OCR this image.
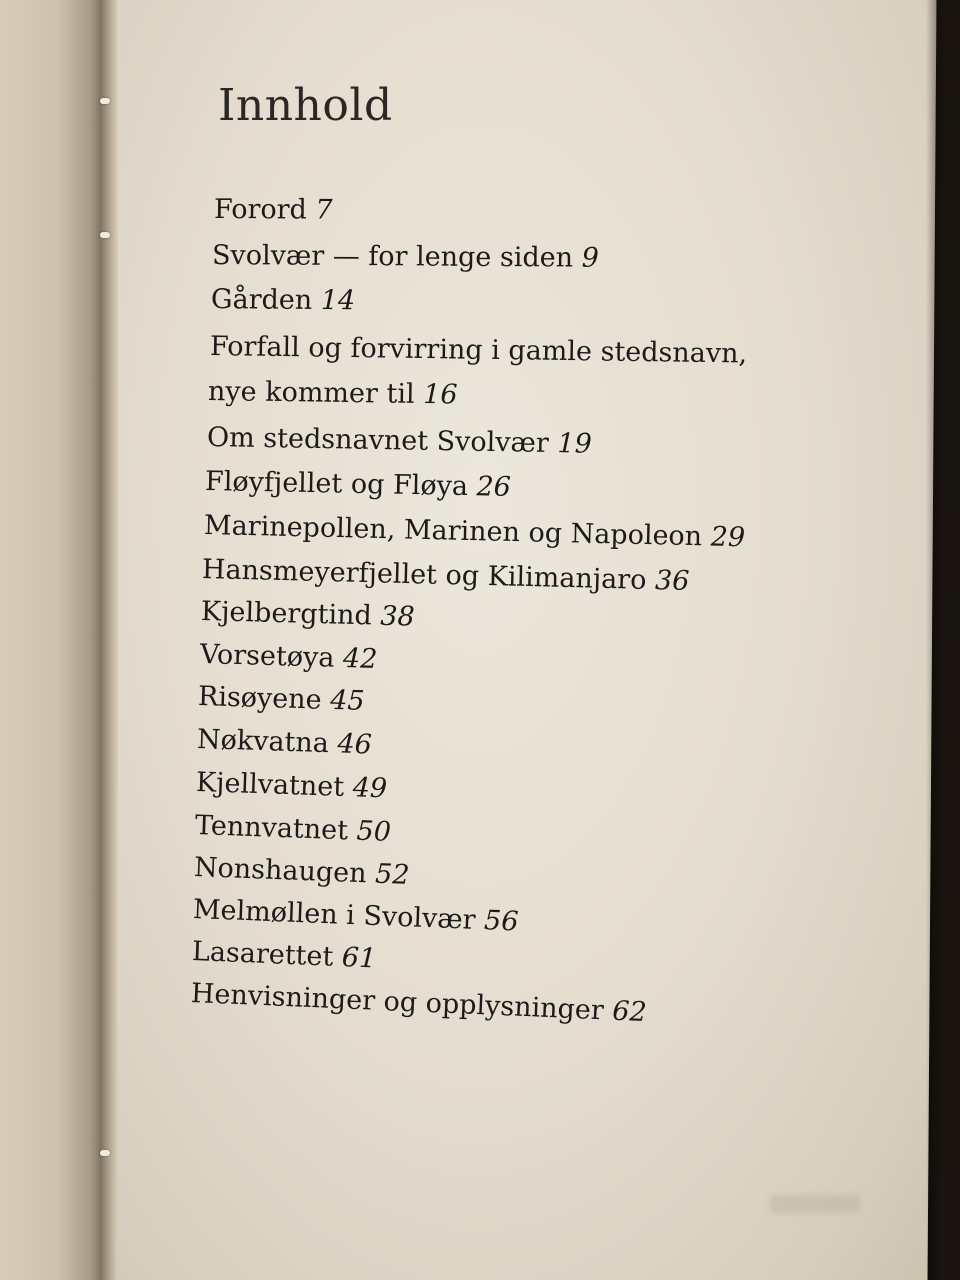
Innhold
Forord 7
Svolvær — for lenge siden 9
Gården 14
Forfall og forvirring i gamle stedsnavn,
nye kommer til 16
Om stedsnavnet Svolvær 19
Fløyfjellet og Fløya 26
Marinepollen, Marinen og Napoleon 29
Hansmeyerfjellet og Kilimanjaro 36
Kjelbergtind 38
Vorsetøya 42
Risøyene 45
Nøkvatna 46
Kjellvatnet 49
Tennvatnet 50
Nonshaugen 52
Melmøllen i Svolvær 56
Lasarettet 61
Henvisninger og opplysninger 62
